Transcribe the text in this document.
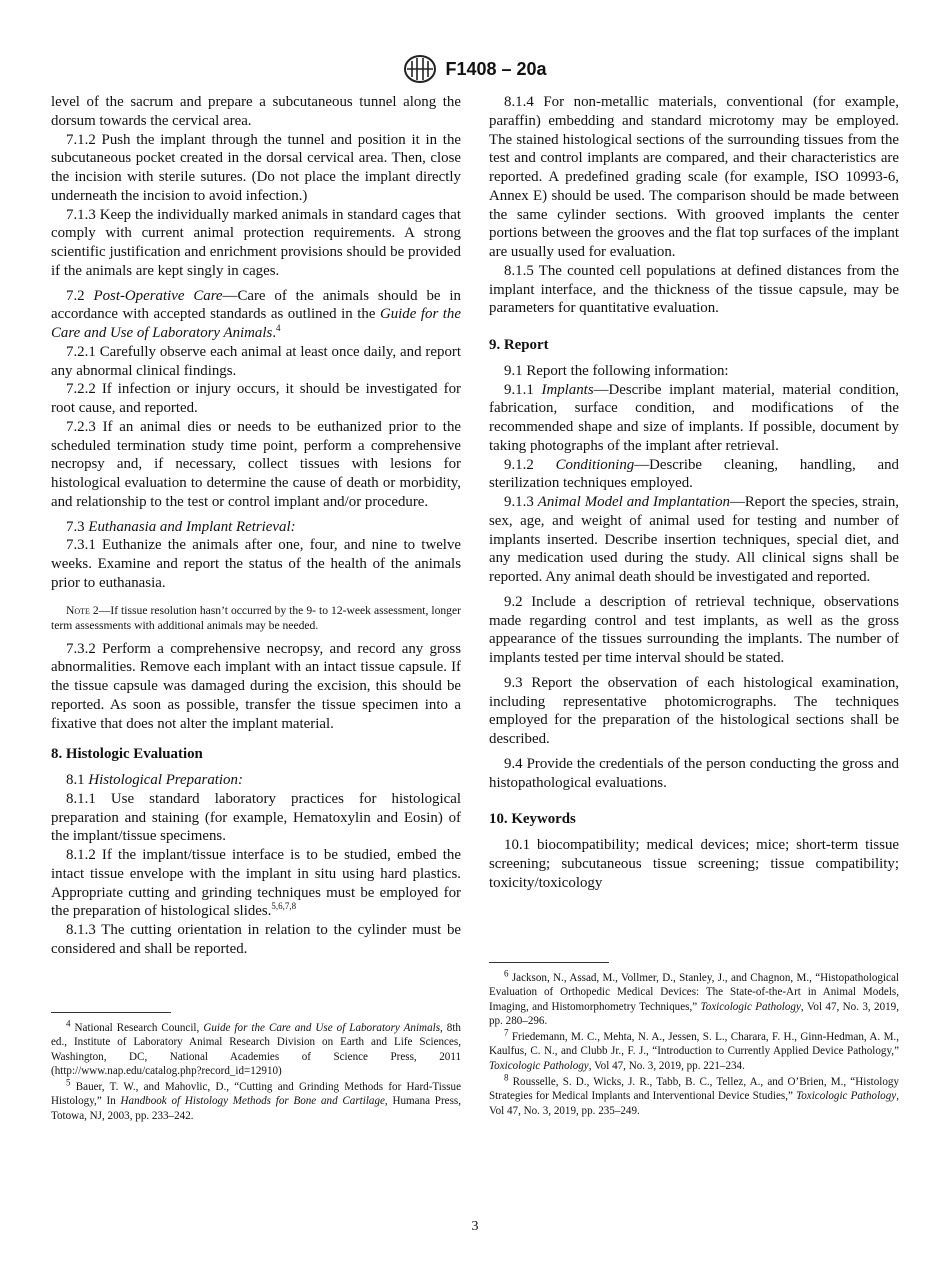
F1408 – 20a

level of the sacrum and prepare a subcutaneous tunnel along the dorsum towards the cervical area.

7.1.2 Push the implant through the tunnel and position it in the subcutaneous pocket created in the dorsal cervical area. Then, close the incision with sterile sutures. (Do not place the implant directly underneath the incision to avoid infection.)

7.1.3 Keep the individually marked animals in standard cages that comply with current animal protection requirements. A strong scientific justification and enrichment provisions should be provided if the animals are kept singly in cages.

7.2 Post-Operative Care—Care of the animals should be in accordance with accepted standards as outlined in the Guide for the Care and Use of Laboratory Animals.$^4$

7.2.1 Carefully observe each animal at least once daily, and report any abnormal clinical findings.

7.2.2 If infection or injury occurs, it should be investigated for root cause, and reported.

7.2.3 If an animal dies or needs to be euthanized prior to the scheduled termination study time point, perform a comprehensive necropsy and, if necessary, collect tissues with lesions for histological evaluation to determine the cause of death or morbidity, and relationship to the test or control implant and/or procedure.

7.3 Euthanasia and Implant Retrieval:

7.3.1 Euthanize the animals after one, four, and nine to twelve weeks. Examine and report the status of the health of the animals prior to euthanasia.

Note 2—If tissue resolution hasn’t occurred by the 9- to 12-week assessment, longer term assessments with additional animals may be needed.

7.3.2 Perform a comprehensive necropsy, and record any gross abnormalities. Remove each implant with an intact tissue capsule. If the tissue capsule was damaged during the excision, this should be reported. As soon as possible, transfer the tissue specimen into a fixative that does not alter the implant material.

8. Histologic Evaluation

8.1 Histological Preparation:

8.1.1 Use standard laboratory practices for histological preparation and staining (for example, Hematoxylin and Eosin) of the implant/tissue specimens.

8.1.2 If the implant/tissue interface is to be studied, embed the intact tissue envelope with the implant in situ using hard plastics. Appropriate cutting and grinding techniques must be employed for the preparation of histological slides.$^{5,6,7,8}$

8.1.3 The cutting orientation in relation to the cylinder must be considered and shall be reported.

8.1.4 For non-metallic materials, conventional (for example, paraffin) embedding and standard microtomy may be employed. The stained histological sections of the surrounding tissues from the test and control implants are compared, and their characteristics are reported. A predefined grading scale (for example, ISO 10993-6, Annex E) should be used. The comparison should be made between the same cylinder sections. With grooved implants the center portions between the grooves and the flat top surfaces of the implant are usually used for evaluation.

8.1.5 The counted cell populations at defined distances from the implant interface, and the thickness of the tissue capsule, may be parameters for quantitative evaluation.

9. Report

9.1 Report the following information:

9.1.1 Implants—Describe implant material, material condition, fabrication, surface condition, and modifications of the recommended shape and size of implants. If possible, document by taking photographs of the implant after retrieval.

9.1.2 Conditioning—Describe cleaning, handling, and sterilization techniques employed.

9.1.3 Animal Model and Implantation—Report the species, strain, sex, age, and weight of animal used for testing and number of implants inserted. Describe insertion techniques, special diet, and any medication used during the study. All clinical signs shall be reported. Any animal death should be investigated and reported.

9.2 Include a description of retrieval technique, observations made regarding control and test implants, as well as the gross appearance of the tissues surrounding the implants. The number of implants tested per time interval should be stated.

9.3 Report the observation of each histological examination, including representative photomicrographs. The techniques employed for the preparation of the histological sections shall be described.

9.4 Provide the credentials of the person conducting the gross and histopathological evaluations.

10. Keywords

10.1 biocompatibility; medical devices; mice; short-term tissue screening; subcutaneous tissue screening; tissue compatibility; toxicity/toxicology

$^4$ National Research Council, Guide for the Care and Use of Laboratory Animals, 8th ed., Institute of Laboratory Animal Research Division on Earth and Life Sciences, Washington, DC, National Academies of Science Press, 2011 (http://www.nap.edu/catalog.php?record_id=12910)

$^5$ Bauer, T. W., and Mahovlic, D., “Cutting and Grinding Methods for Hard-Tissue Histology,” In Handbook of Histology Methods for Bone and Cartilage, Humana Press, Totowa, NJ, 2003, pp. 233–242.

$^6$ Jackson, N., Assad, M., Vollmer, D., Stanley, J., and Chagnon, M., “Histopathological Evaluation of Orthopedic Medical Devices: The State-of-the-Art in Animal Models, Imaging, and Histomorphometry Techniques,” Toxicologic Pathology, Vol 47, No. 3, 2019, pp. 280–296.

$^7$ Friedemann, M. C., Mehta, N. A., Jessen, S. L., Charara, F. H., Ginn-Hedman, A. M., Kaulfus, C. N., and Clubb Jr., F. J., “Introduction to Currently Applied Device Pathology,” Toxicologic Pathology, Vol 47, No. 3, 2019, pp. 221–234.

$^8$ Rousselle, S. D., Wicks, J. R., Tabb, B. C., Tellez, A., and O’Brien, M., “Histology Strategies for Medical Implants and Interventional Device Studies,” Toxicologic Pathology, Vol 47, No. 3, 2019, pp. 235–249.

3
